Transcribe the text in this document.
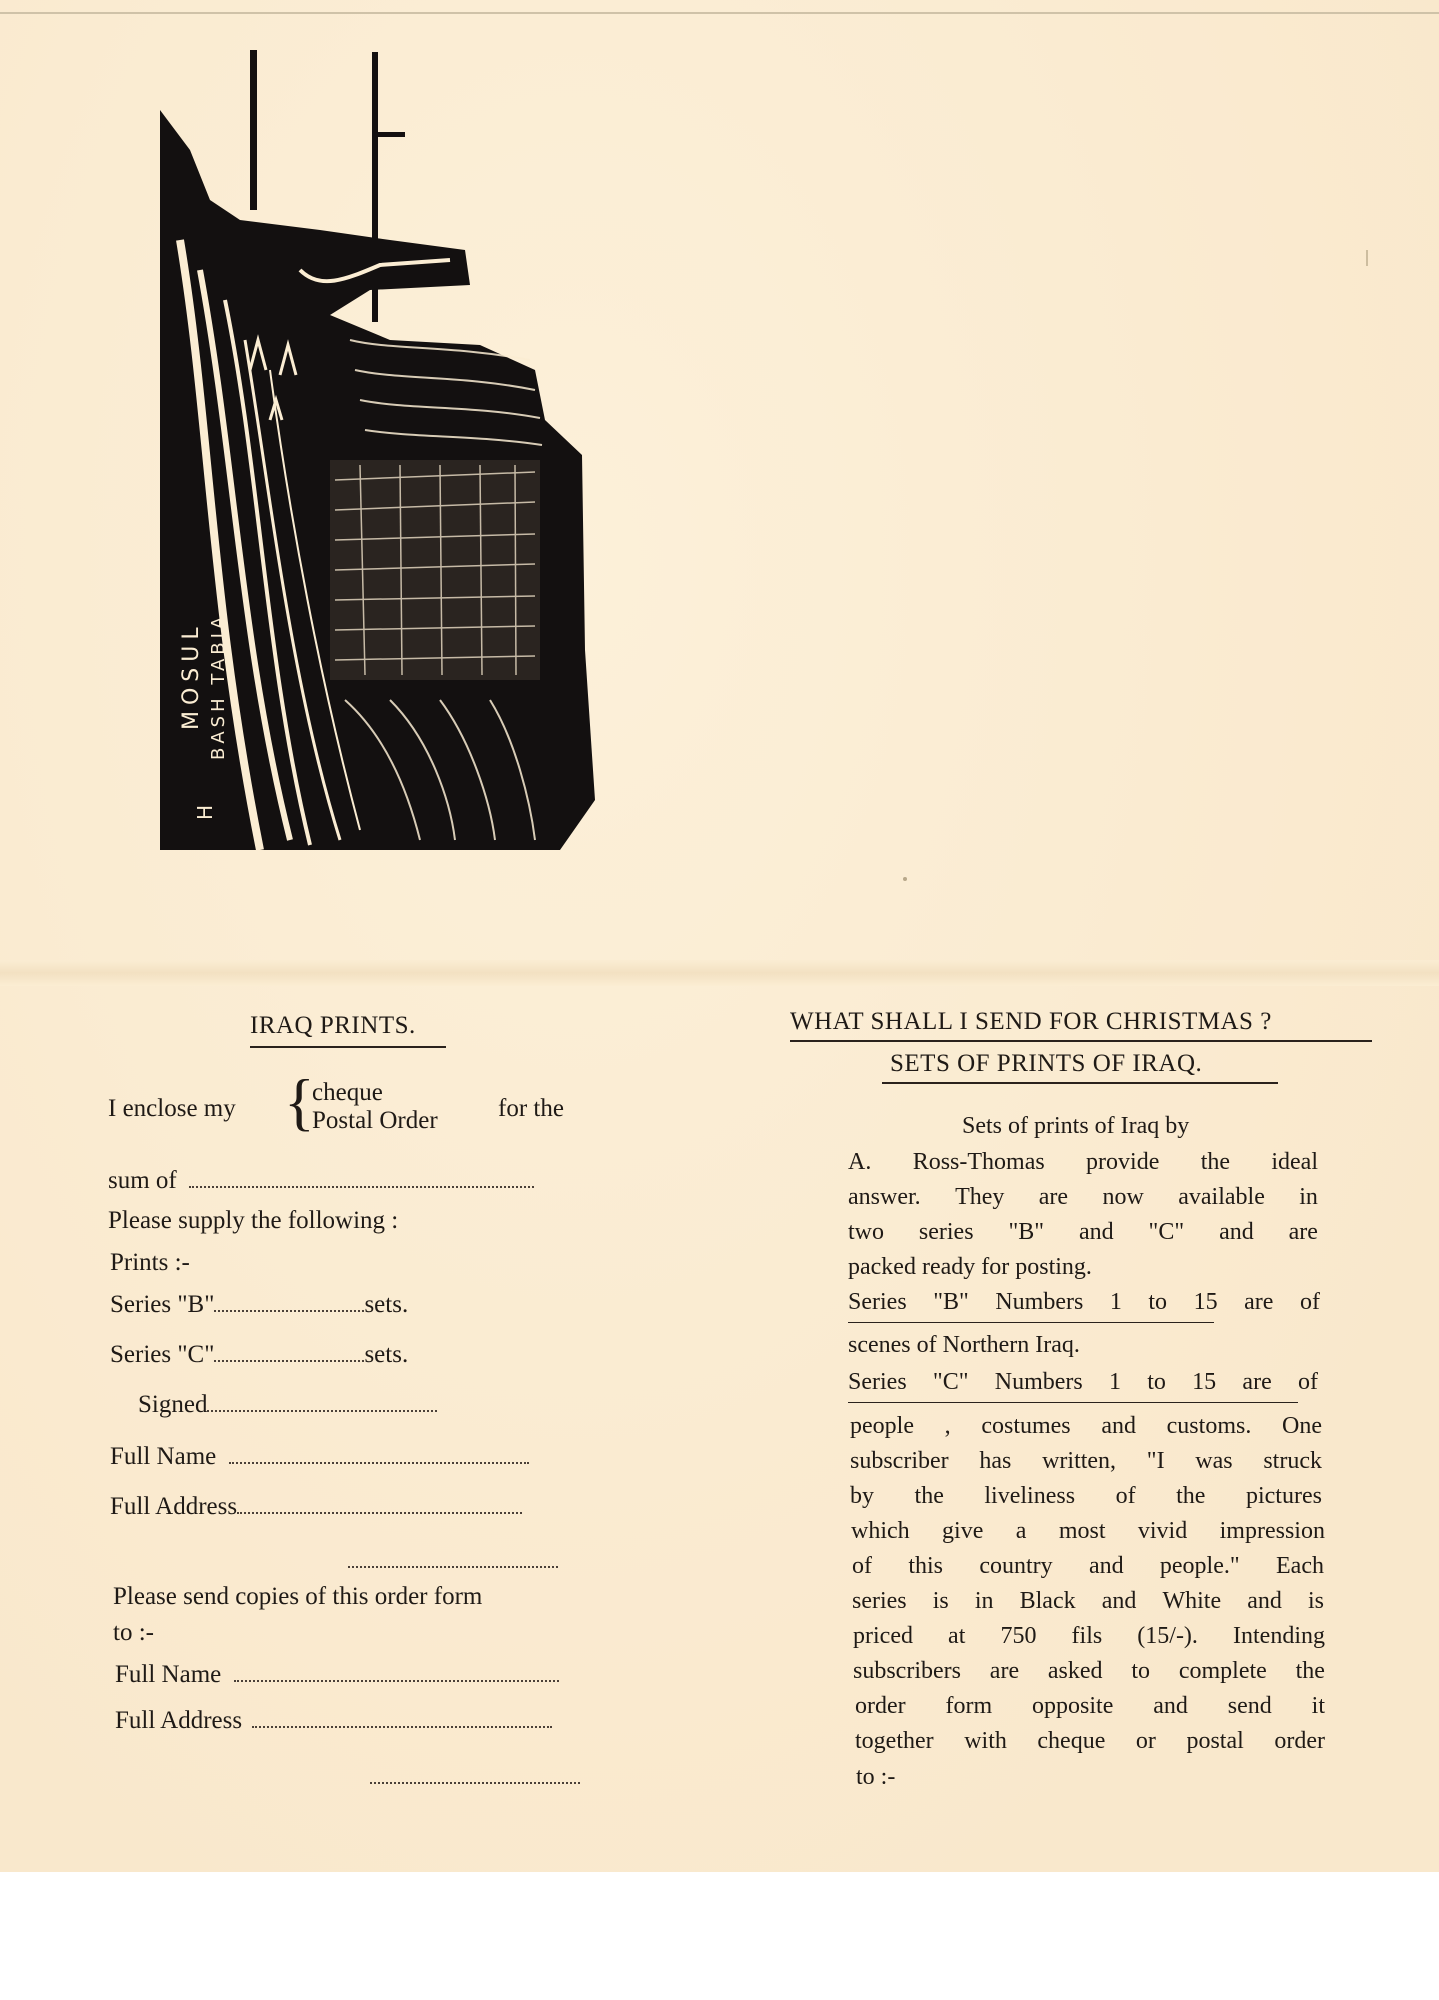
MOSUL BASH TABIA
H
IRAQ PRINTS.
I enclose my {
cheque
Postal Order for the
sum of
Please supply the following :
Prints :-
Series "B"	sets.
Series "C"	sets.
Signed
Full Name
Full Address
Please send copies of this order form
to :-
Full Name
Full Address
WHAT SHALL I SEND FOR CHRISTMAS ?
SETS OF PRINTS OF IRAQ.
Sets of prints of Iraq by
A. Ross-Thomas provide the ideal
answer. They are now available in
two series "B" and "C" and are
packed ready for posting.
Series "B" Numbers 1 to 15 are of
scenes of Northern Iraq.
Series "C" Numbers 1 to 15 are of
people , costumes and customs. One
subscriber has written, "I was struck
by the liveliness of the pictures
which give a most vivid impression
of this country and people." Each
series is in Black and White and is
priced at 750 fils (15/-). Intending
subscribers are asked to complete the
order form opposite and send it
together with cheque or postal order
to :-
